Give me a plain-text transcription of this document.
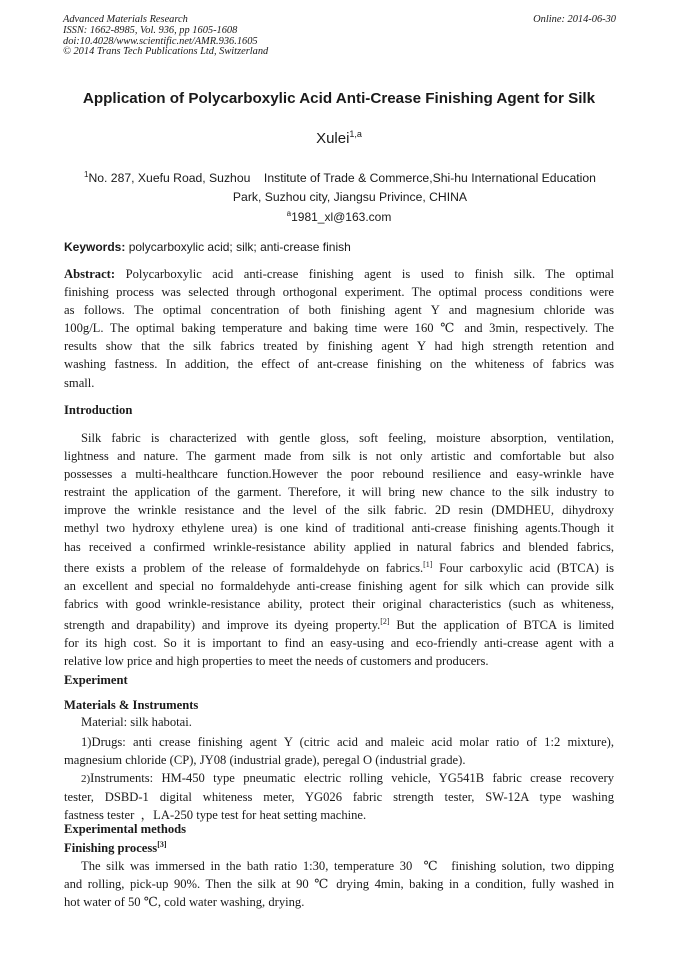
Advanced Materials Research
ISSN: 1662-8985, Vol. 936, pp 1605-1608
doi:10.4028/www.scientific.net/AMR.936.1605
© 2014 Trans Tech Publications Ltd, Switzerland
Online: 2014-06-30
Application of Polycarboxylic Acid Anti-Crease Finishing Agent for Silk
Xulei$^{1,a}$
$^1$No. 287, Xuefu Road, Suzhou    Institute of Trade & Commerce,Shi-hu International Education
Park, Suzhou city, Jiangsu Privince, CHINA
$^a$1981_xl@163.com
Keywords: polycarboxylic acid; silk; anti-crease finish
Abstract: Polycarboxylic acid anti-crease finishing agent is used to finish silk. The optimal
finishing process was selected through orthogonal experiment. The optimal process conditions were
as follows. The optimal concentration of both finishing agent Y and magnesium chloride was
100g/L. The optimal baking temperature and baking time were 160 ℃ and 3min, respectively. The
results show that the silk fabrics treated by finishing agent Y had high strength retention and
washing fastness. In addition, the effect of ant-crease finishing on the whiteness of fabrics was
small.
Introduction
Silk fabric is characterized with gentle gloss, soft feeling, moisture absorption, ventilation,
lightness and nature. The garment made from silk is not only artistic and comfortable but also
possesses a multi-healthcare function.However the poor rebound resilience and easy-wrinkle have
restraint the application of the garment. Therefore, it will bring new chance to the silk industry to
improve the wrinkle resistance and the level of the silk fabric. 2D resin (DMDHEU, dihydroxy
methyl two hydroxy ethylene urea) is one kind of traditional anti-crease finishing agents.Though it
has received a confirmed wrinkle-resistance ability applied in natural fabrics and blended fabrics,
there exists a problem of the release of formaldehyde on fabrics.[1] Four carboxylic acid (BTCA) is
an excellent and special no formaldehyde anti-crease finishing agent for silk which can provide silk
fabrics with good wrinkle-resistance ability, protect their original characteristics (such as whiteness,
strength and drapability) and improve its dyeing property.[2] But the application of BTCA is limited
for its high cost. So it is important to find an easy-using and eco-friendly anti-crease agent with a
relative low price and high properties to meet the needs of customers and producers.
Experiment
Materials & Instruments
Material: silk habotai.
1)Drugs: anti crease finishing agent Y (citric acid and maleic acid molar ratio of 1:2 mixture),
magnesium chloride (CP), JY08 (industrial grade), peregal O (industrial grade).
2)Instruments: HM-450 type pneumatic electric rolling vehicle, YG541B fabric crease recovery
tester, DSBD-1 digital whiteness meter, YG026 fabric strength tester, SW-12A type washing
fastness tester  ，LA-250 type test for heat setting machine.
Experimental methods
Finishing process[3]
The silk was immersed in the bath ratio 1:30, temperature 30  ℃  finishing solution, two dipping
and rolling, pick-up 90%. Then the silk at 90 ℃ drying 4min, baking in a condition, fully washed in
hot water of 50 ℃, cold water washing, drying.
